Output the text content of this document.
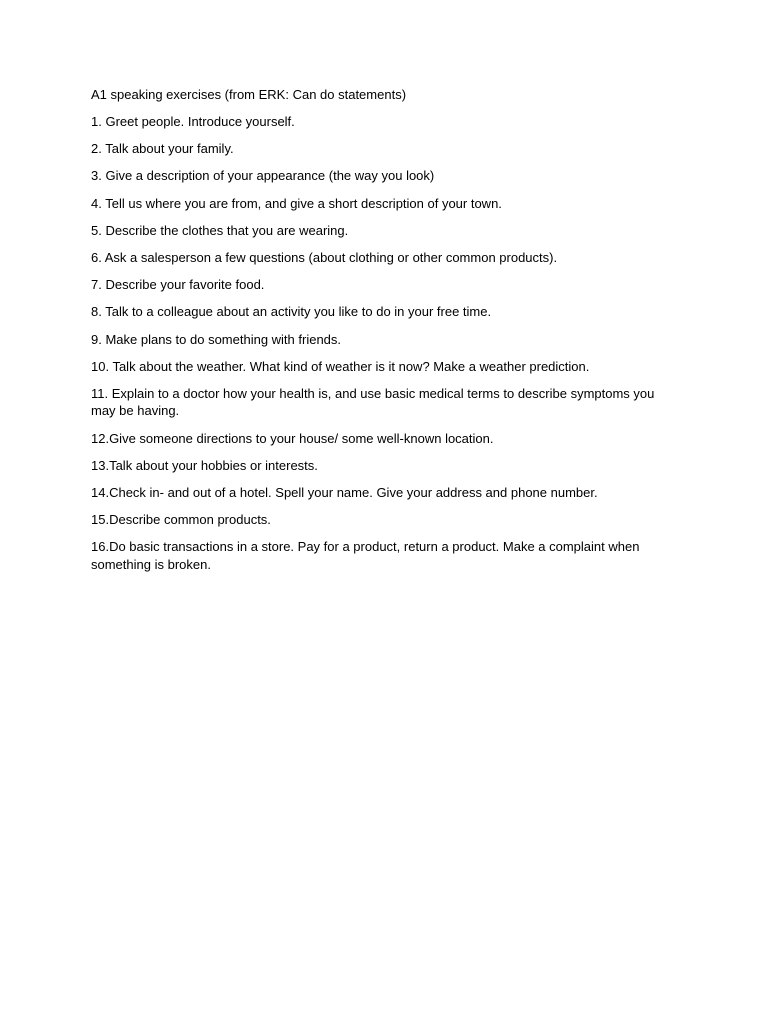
A1 speaking exercises (from ERK: Can do statements)

1. Greet people. Introduce yourself.
2. Talk about your family.
3. Give a description of your appearance (the way you look)
4. Tell us where you are from, and give a short description of your town.
5. Describe the clothes that you are wearing.
6. Ask a salesperson a few questions (about clothing or other common products).
7. Describe your favorite food.
8. Talk to a colleague about an activity you like to do in your free time.
9. Make plans to do something with friends.
10. Talk about the weather. What kind of weather is it now? Make a weather prediction.
11. Explain to a doctor how your health is, and use basic medical terms to describe symptoms you may be having.
12.Give someone directions to your house/ some well-known location.
13.Talk about your hobbies or interests.
14.Check in- and out of a hotel. Spell your name. Give your address and phone number.
15.Describe common products.
16.Do basic transactions in a store. Pay for a product, return a product. Make a complaint when something is broken.
